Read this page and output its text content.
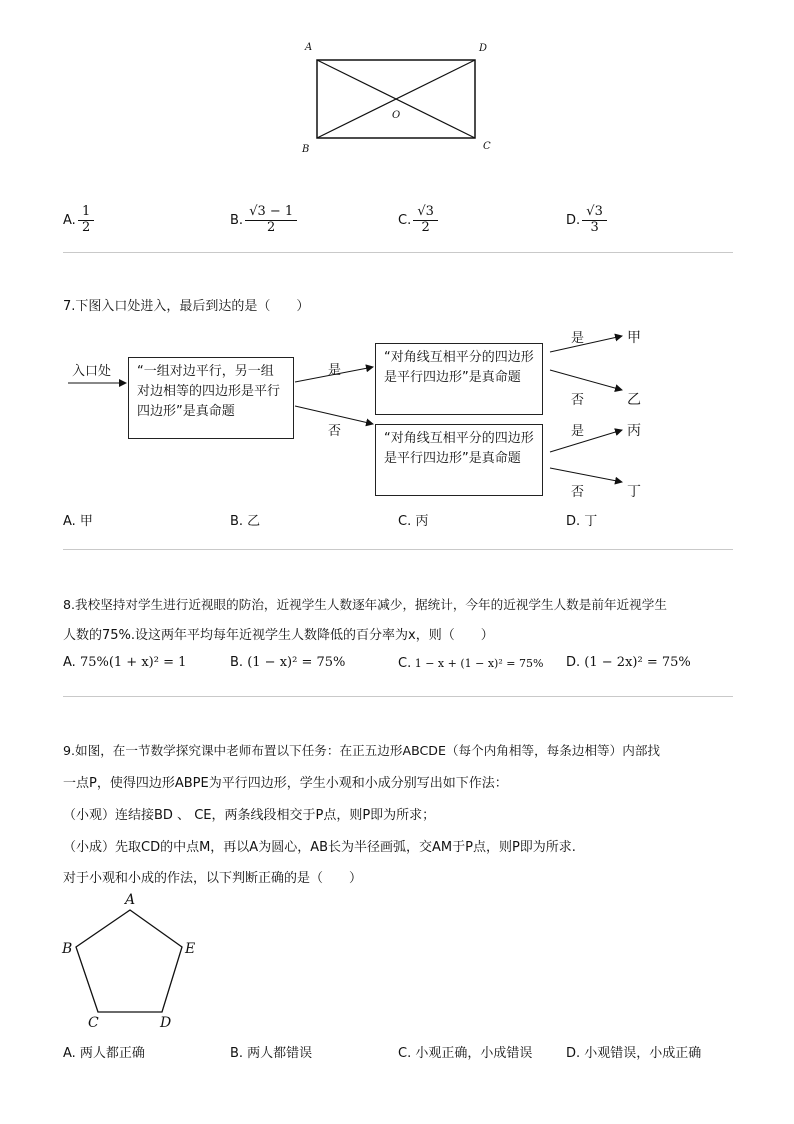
A	D
B	C
O
A. $\frac{1}{2}$	B. $\frac{√3 - 1}{2}$	C. $\frac{√3}{2}$	D. $\frac{√3}{3}$
7.下图入口处进入，最后到达的是（　　）
入口处	“一组对边平行，另一组对边相等的四边形是平行四边形”是真命题
“对角线互相平分的四边形是平行四边形”是真命题
“对角线互相平分的四边形是平行四边形”是真命题
是
否
是
否
是
否
甲
乙
丙
丁
A. 甲	B. 乙	C. 丙	D. 丁
8.我校坚持对学生进行近视眼的防治，近视学生人数逐年减少，据统计，今年的近视学生人数是前年近视学生
人数的75%.设这两年平均每年近视学生人数降低的百分率为x，则（　　）
A. 75%(1 + x)² = 1	B. (1 − x)² = 75%	C. 1 − x + (1 − x)² = 75% D. (1 − 2x)² = 75%
9.如图，在一节数学探究课中老师布置以下任务：在正五边形ABCDE（每个内角相等，每条边相等）内部找
一点P，使得四边形ABPE为平行四边形，学生小观和小成分别写出如下作法：
（小观）连结接BD 、 CE，两条线段相交于P点，则P即为所求；
（小成）先取CD的中点M，再以A为圆心，AB长为半径画弧，交AM于P点，则P即为所求.
对于小观和小成的作法，以下判断正确的是（　　）
A
B	E
C	D
A. 两人都正确	B. 两人都错误	C. 小观正确，小成错误	D. 小观错误，小成正确
